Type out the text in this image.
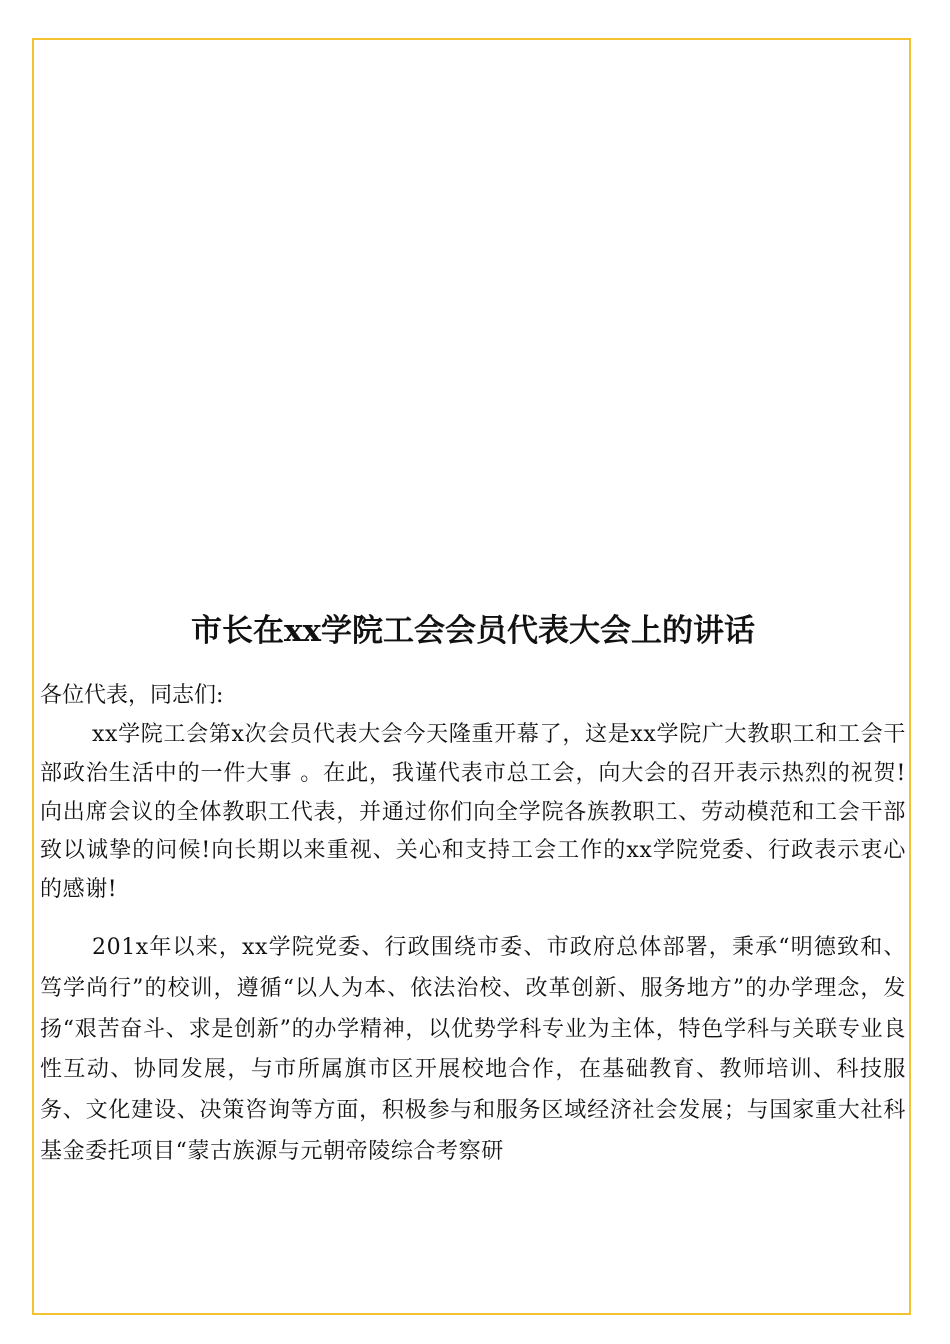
市长在xx学院工会会员代表大会上的讲话

各位代表，同志们:

xx学院工会第x次会员代表大会今天隆重开幕了，这是xx学院广大教职工和工会干部政治生活中的一件大事 。在此，我谨代表市总工会，向大会的召开表示热烈的祝贺!向出席会议的全体教职工代表，并通过你们向全学院各族教职工、劳动模范和工会干部致以诚挚的问候!向长期以来重视、关心和支持工会工作的xx学院党委、行政表示衷心的感谢!

201x年以来，xx学院党委、行政围绕市委、市政府总体部署，秉承“明德致和、笃学尚行”的校训，遵循“以人为本、依法治校、改革创新、服务地方”的办学理念，发扬“艰苦奋斗、求是创新”的办学精神，以优势学科专业为主体，特色学科与关联专业良性互动、协同发展，与市所属旗市区开展校地合作，在基础教育、教师培训、科技服务、文化建设、决策咨询等方面，积极参与和服务区域经济社会发展；与国家重大社科基金委托项目“蒙古族源与元朝帝陵综合考察研
